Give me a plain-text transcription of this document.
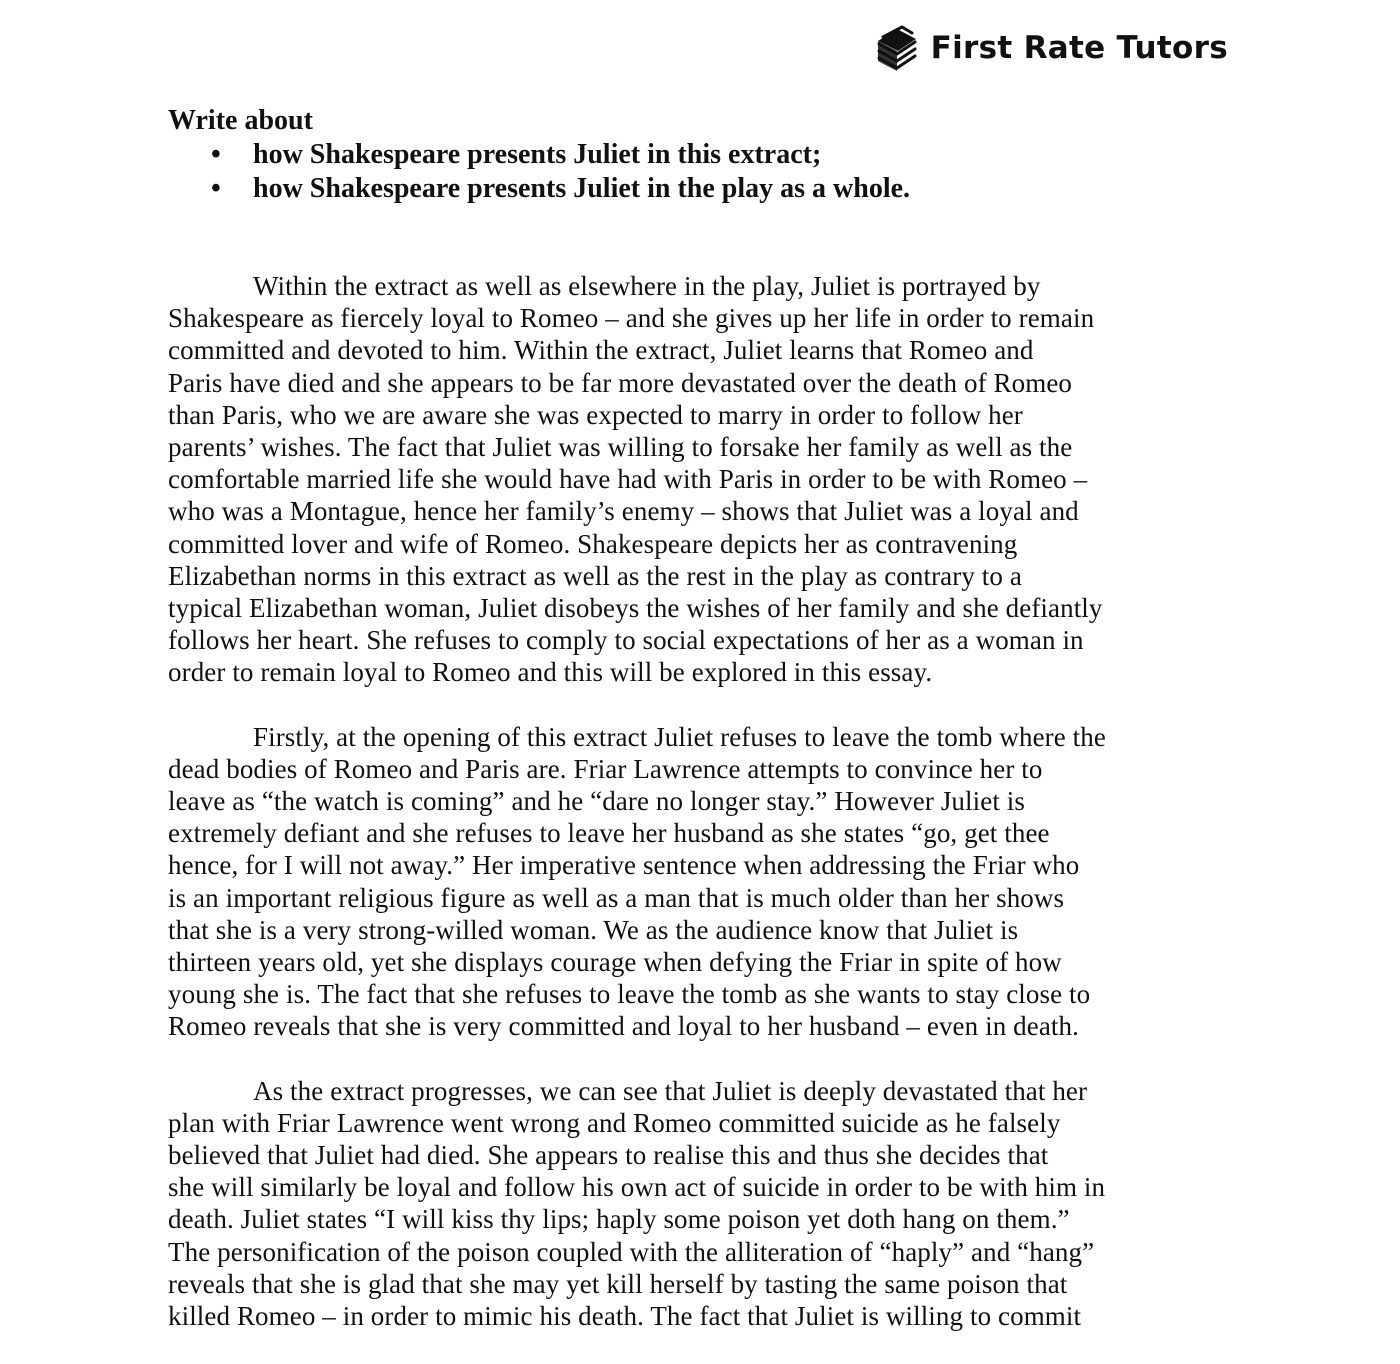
First Rate Tutors

Write about

• how Shakespeare presents Juliet in this extract;
• how Shakespeare presents Juliet in the play as a whole.
Within the extract as well as elsewhere in the play, Juliet is portrayed by
Shakespeare as fiercely loyal to Romeo – and she gives up her life in order to remain
committed and devoted to him. Within the extract, Juliet learns that Romeo and
Paris have died and she appears to be far more devastated over the death of Romeo
than Paris, who we are aware she was expected to marry in order to follow her
parents’ wishes. The fact that Juliet was willing to forsake her family as well as the
comfortable married life she would have had with Paris in order to be with Romeo –
who was a Montague, hence her family’s enemy – shows that Juliet was a loyal and
committed lover and wife of Romeo. Shakespeare depicts her as contravening
Elizabethan norms in this extract as well as the rest in the play as contrary to a
typical Elizabethan woman, Juliet disobeys the wishes of her family and she defiantly
follows her heart. She refuses to comply to social expectations of her as a woman in
order to remain loyal to Romeo and this will be explored in this essay.
Firstly, at the opening of this extract Juliet refuses to leave the tomb where the
dead bodies of Romeo and Paris are. Friar Lawrence attempts to convince her to
leave as “the watch is coming” and he “dare no longer stay.” However Juliet is
extremely defiant and she refuses to leave her husband as she states “go, get thee
hence, for I will not away.” Her imperative sentence when addressing the Friar who
is an important religious figure as well as a man that is much older than her shows
that she is a very strong-willed woman. We as the audience know that Juliet is
thirteen years old, yet she displays courage when defying the Friar in spite of how
young she is. The fact that she refuses to leave the tomb as she wants to stay close to
Romeo reveals that she is very committed and loyal to her husband – even in death.
As the extract progresses, we can see that Juliet is deeply devastated that her
plan with Friar Lawrence went wrong and Romeo committed suicide as he falsely
believed that Juliet had died. She appears to realise this and thus she decides that
she will similarly be loyal and follow his own act of suicide in order to be with him in
death. Juliet states “I will kiss thy lips; haply some poison yet doth hang on them.”
The personification of the poison coupled with the alliteration of “haply” and “hang”
reveals that she is glad that she may yet kill herself by tasting the same poison that
killed Romeo – in order to mimic his death. The fact that Juliet is willing to commit
